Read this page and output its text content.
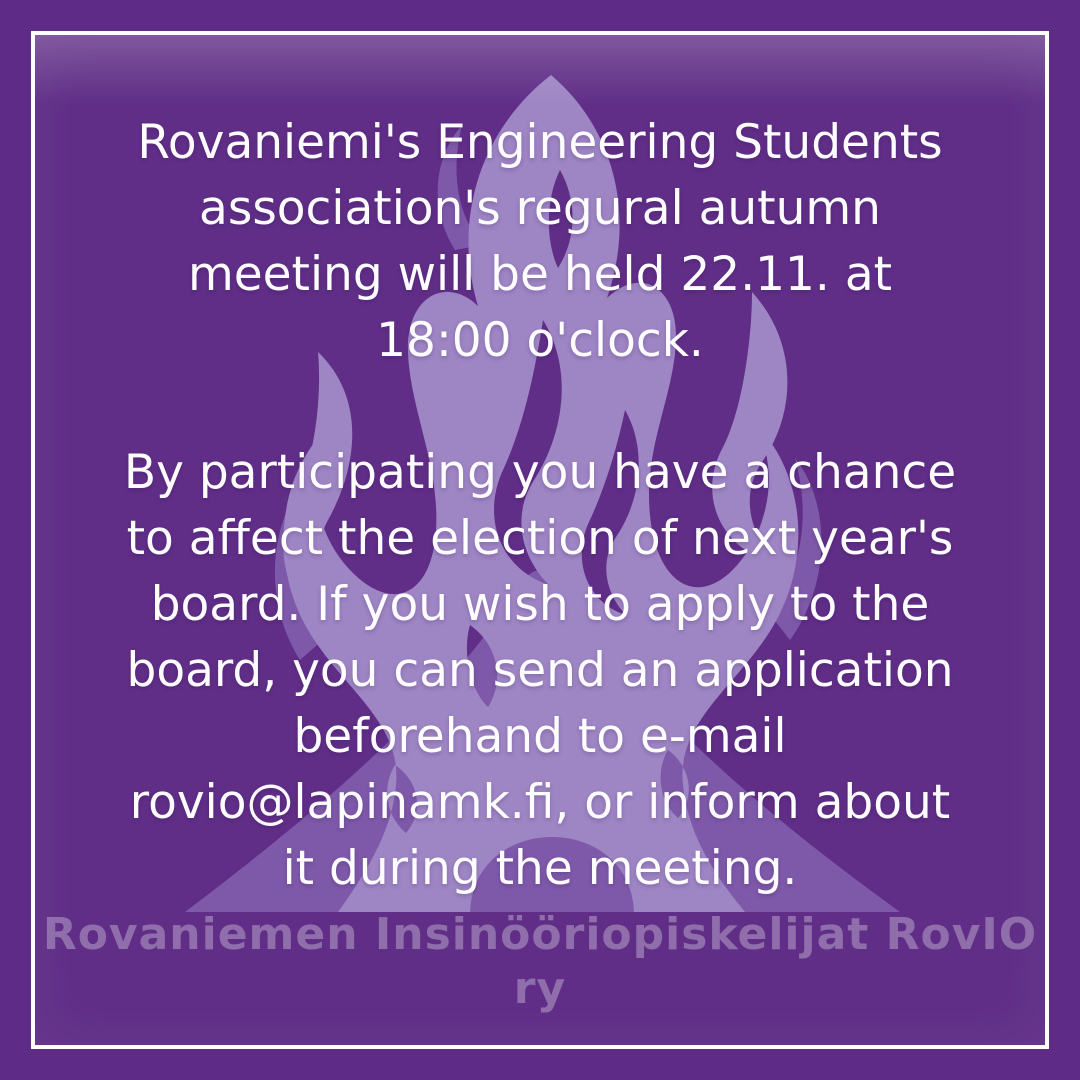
Rovaniemi's Engineering Students
association's regural autumn
meeting will be held 22.11. at
18:00 o'clock.

By participating you have a chance
to affect the election of next year's
board. If you wish to apply to the
board, you can send an application
beforehand to e-mail
rovio@lapinamk.fi, or inform about
it during the meeting.

Rovaniemen Insinööriopiskelijat RovIO ry
